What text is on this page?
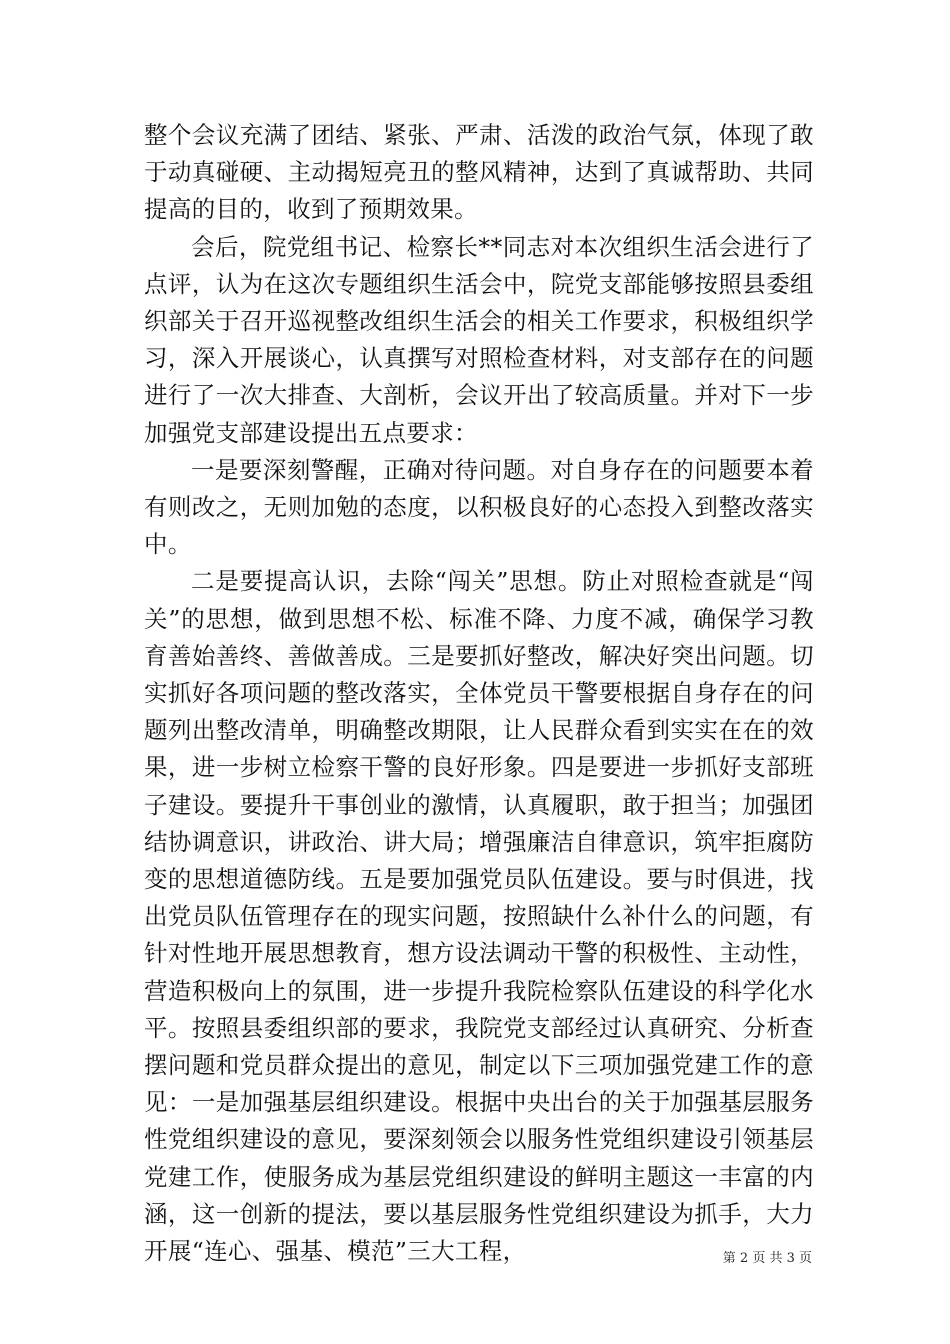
整个会议充满了团结、紧张、严肃、活泼的政治气氛，体现了敢于动真碰硬、主动揭短亮丑的整风精神，达到了真诚帮助、共同提高的目的，收到了预期效果。

会后，院党组书记、检察长**同志对本次组织生活会进行了点评，认为在这次专题组织生活会中，院党支部能够按照县委组织部关于召开巡视整改组织生活会的相关工作要求，积极组织学习，深入开展谈心，认真撰写对照检查材料，对支部存在的问题进行了一次大排查、大剖析，会议开出了较高质量。并对下一步加强党支部建设提出五点要求：

一是要深刻警醒，正确对待问题。对自身存在的问题要本着有则改之，无则加勉的态度，以积极良好的心态投入到整改落实中。

二是要提高认识，去除“闯关”思想。防止对照检查就是“闯关”的思想，做到思想不松、标准不降、力度不减，确保学习教育善始善终、善做善成。三是要抓好整改，解决好突出问题。切实抓好各项问题的整改落实，全体党员干警要根据自身存在的问题列出整改清单，明确整改期限，让人民群众看到实实在在的效果，进一步树立检察干警的良好形象。四是要进一步抓好支部班子建设。要提升干事创业的激情，认真履职，敢于担当；加强团结协调意识，讲政治、讲大局；增强廉洁自律意识，筑牢拒腐防变的思想道德防线。五是要加强党员队伍建设。要与时俱进，找出党员队伍管理存在的现实问题，按照缺什么补什么的问题，有针对性地开展思想教育，想方设法调动干警的积极性、主动性，营造积极向上的氛围，进一步提升我院检察队伍建设的科学化水平。按照县委组织部的要求，我院党支部经过认真研究、分析查摆问题和党员群众提出的意见，制定以下三项加强党建工作的意见：一是加强基层组织建设。根据中央出台的关于加强基层服务性党组织建设的意见，要深刻领会以服务性党组织建设引领基层党建工作，使服务成为基层党组织建设的鲜明主题这一丰富的内涵，这一创新的提法，要以基层服务性党组织建设为抓手，大力开展“连心、强基、模范”三大工程，	第 2 页 共 3 页
